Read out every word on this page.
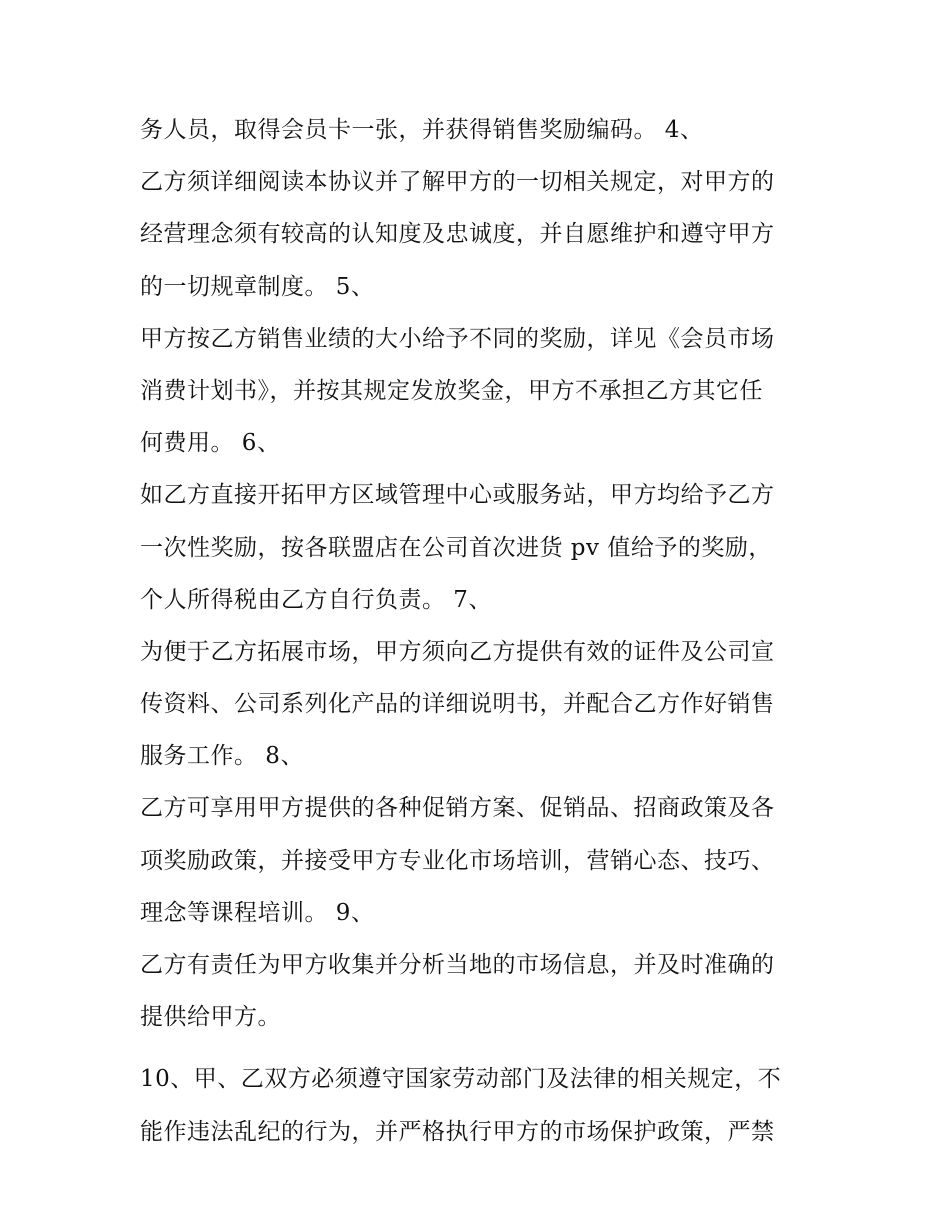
务人员，取得会员卡一张，并获得销售奖励编码。 4、
乙方须详细阅读本协议并了解甲方的一切相关规定，对甲方的
经营理念须有较高的认知度及忠诚度，并自愿维护和遵守甲方
的一切规章制度。 5、
甲方按乙方销售业绩的大小给予不同的奖励，详见《会员市场
消费计划书》，并按其规定发放奖金，甲方不承担乙方其它任
何费用。 6、
如乙方直接开拓甲方区域管理中心或服务站，甲方均给予乙方
一次性奖励，按各联盟店在公司首次进货 pv 值给予的奖励，
个人所得税由乙方自行负责。 7、
为便于乙方拓展市场，甲方须向乙方提供有效的证件及公司宣
传资料、公司系列化产品的详细说明书，并配合乙方作好销售
服务工作。 8、
乙方可享用甲方提供的各种促销方案、促销品、招商政策及各
项奖励政策，并接受甲方专业化市场培训，营销心态、技巧、
理念等课程培训。 9、
乙方有责任为甲方收集并分析当地的市场信息，并及时准确的
提供给甲方。
10、甲、乙双方必须遵守国家劳动部门及法律的相关规定，不
能作违法乱纪的行为，并严格执行甲方的市场保护政策，严禁
